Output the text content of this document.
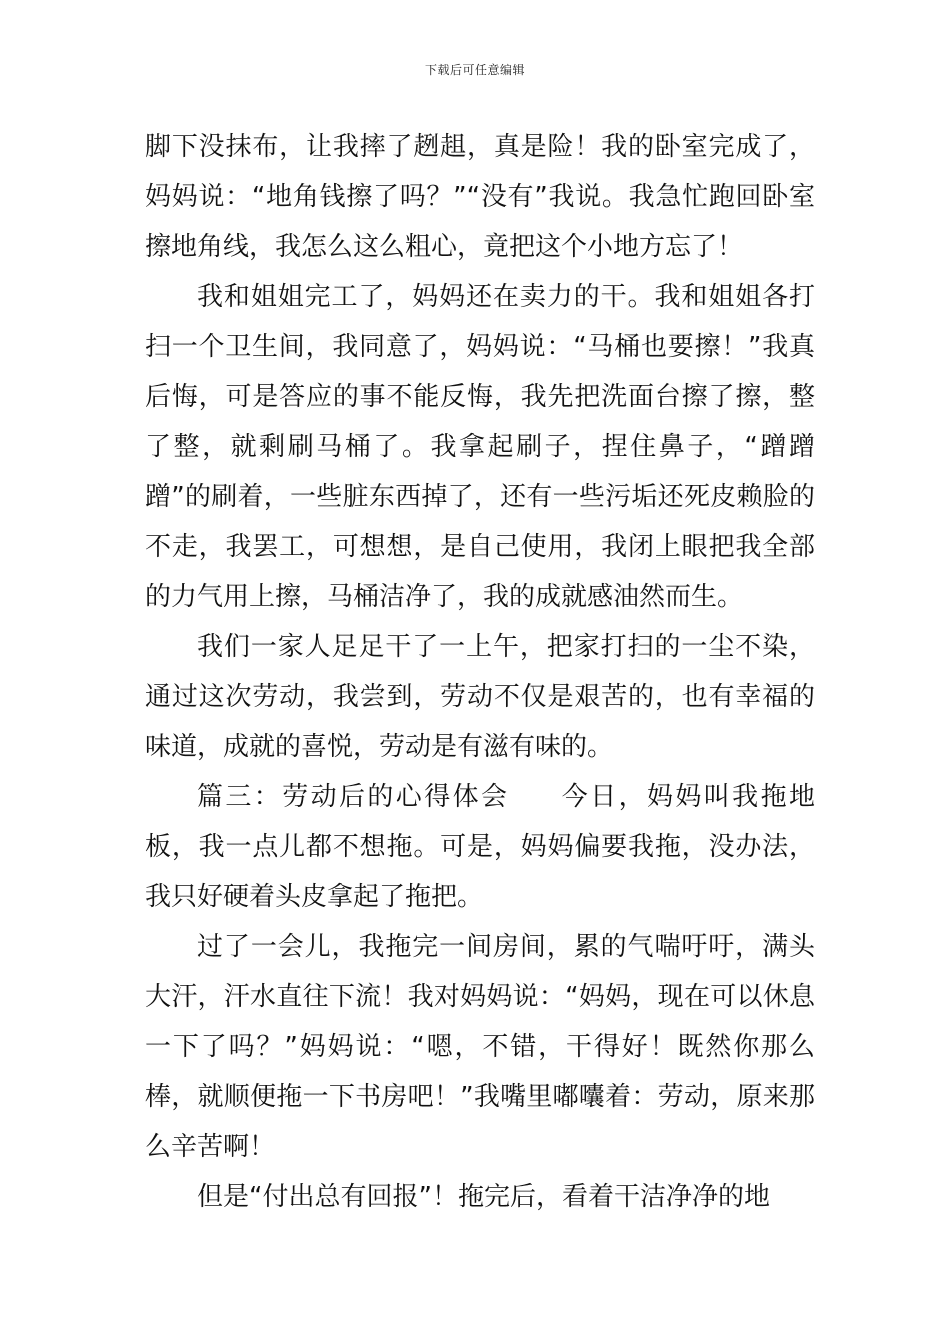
下载后可任意编辑

脚下没抹布，让我摔了趔趄，真是险！我的卧室完成了，妈妈说：“地角钱擦了吗？”“没有”我说。我急忙跑回卧室擦地角线，我怎么这么粗心，竟把这个小地方忘了！

我和姐姐完工了，妈妈还在卖力的干。我和姐姐各打扫一个卫生间，我同意了，妈妈说：“马桶也要擦！”我真后悔，可是答应的事不能反悔，我先把洗面台擦了擦，整了整，就剩刷马桶了。我拿起刷子，捏住鼻子，“蹭蹭蹭”的刷着，一些脏东西掉了，还有一些污垢还死皮赖脸的不走，我罢工，可想想，是自己使用，我闭上眼把我全部的力气用上擦，马桶洁净了，我的成就感油然而生。

我们一家人足足干了一上午，把家打扫的一尘不染，通过这次劳动，我尝到，劳动不仅是艰苦的，也有幸福的味道，成就的喜悦，劳动是有滋有味的。

篇三：劳动后的心得体会 今日，妈妈叫我拖地板，我一点儿都不想拖。可是，妈妈偏要我拖，没办法，我只好硬着头皮拿起了拖把。

过了一会儿，我拖完一间房间，累的气喘吁吁，满头大汗，汗水直往下流！我对妈妈说：“妈妈，现在可以休息一下了吗？”妈妈说：“嗯，不错，干得好！既然你那么棒，就顺便拖一下书房吧！”我嘴里嘟囔着：劳动，原来那么辛苦啊！

但是“付出总有回报”！拖完后，看着干洁净净的地
